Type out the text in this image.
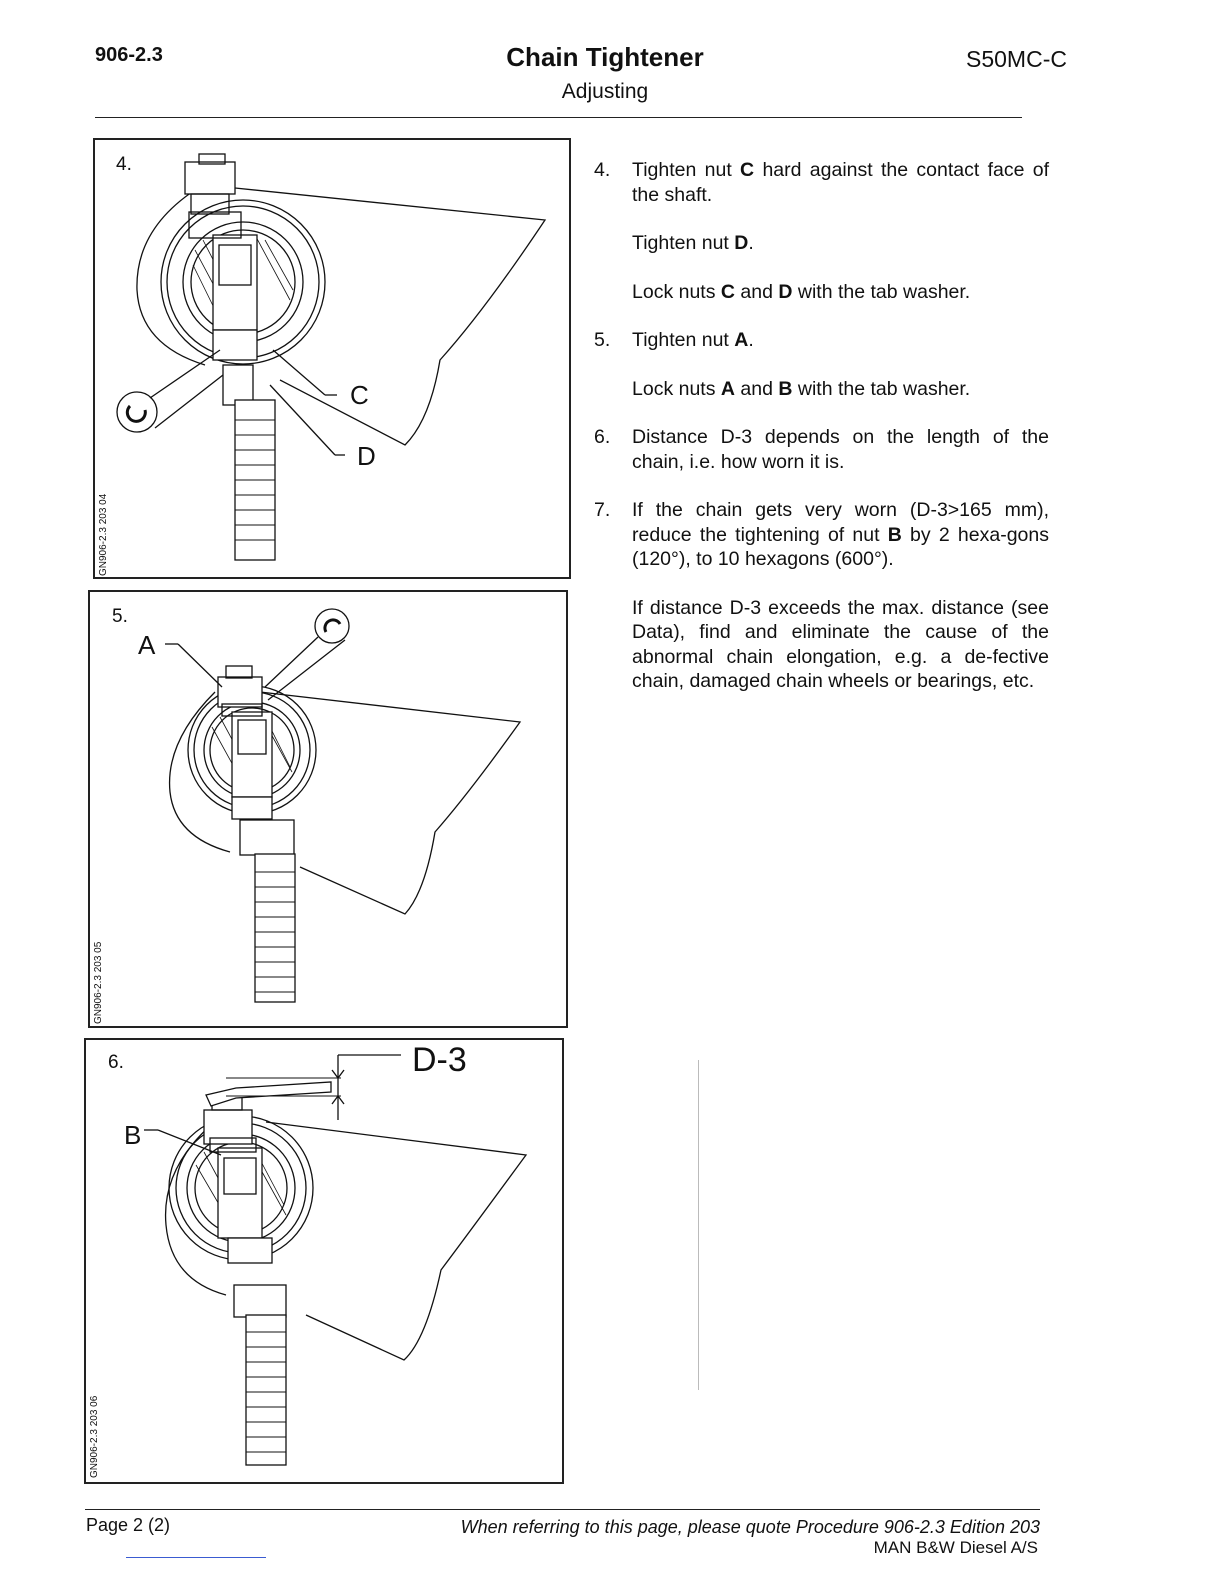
906-2.3	Chain Tightener
Adjusting
S50MC-C
4.
C
D
GN906-2.3 203 04
5.
A
GN906-2.3 203 05
6.
B
D-3
GN906-2.3 203 06
4.	Tighten nut C hard against the contact face of the shaft.

Tighten nut D.

Lock nuts C and D with the tab washer.

5.	Tighten nut A.

Lock nuts A and B with the tab washer.

6.	Distance D-3 depends on the length of the chain, i.e. how worn it is.

7.	If the chain gets very worn (D-3>165 mm), reduce the tightening of nut B by 2 hexa-gons (120°), to 10 hexagons (600°).

If distance D-3 exceeds the max. distance (see Data), find and eliminate the cause of the abnormal chain elongation, e.g. a de-fective chain, damaged chain wheels or bearings, etc.

Page 2 (2)	When referring to this page, please quote Procedure 906-2.3 Edition 203
MAN B&W Diesel A/S
